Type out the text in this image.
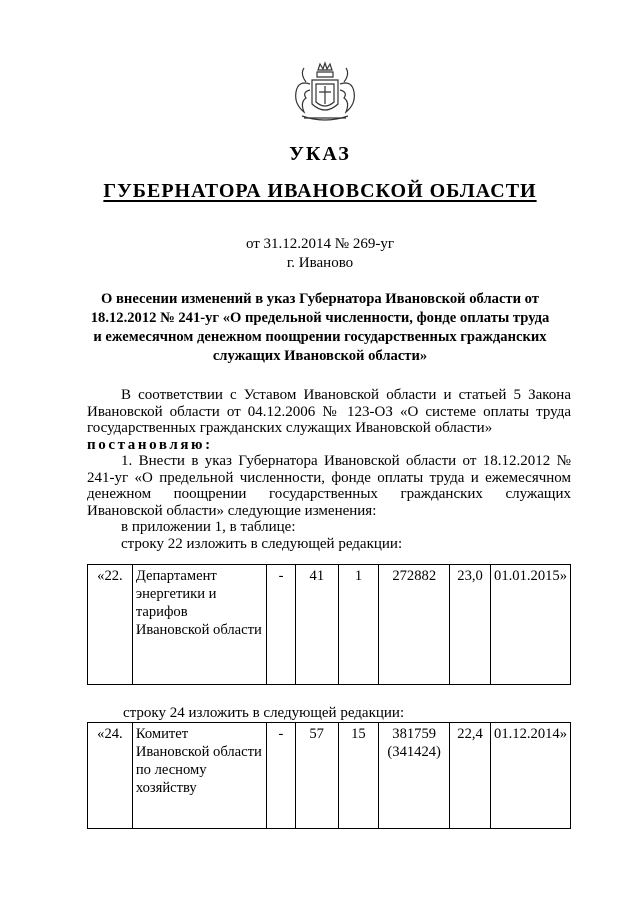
УКАЗ
ГУБЕРНАТОРА ИВАНОВСКОЙ ОБЛАСТИ
от 31.12.2014 № 269-уг
г. Иваново
О внесении изменений в указ Губернатора Ивановской области от 18.12.2012 № 241-уг «О предельной численности, фонде оплаты труда и ежемесячном денежном поощрении государственных гражданских служащих Ивановской области»

В соответствии с Уставом Ивановской области и статьей 5 Закона Ивановской области от 04.12.2006 № 123-ОЗ «О системе оплаты труда государственных гражданских служащих Ивановской области»

постановляю:

1. Внести в указ Губернатора Ивановской области от 18.12.2012 № 241-уг «О предельной численности, фонде оплаты труда и ежемесячном денежном поощрении государственных гражданских служащих Ивановской области» следующие изменения:

в приложении 1, в таблице:

строку 22 изложить в следующей редакции:

«22.	Департамент энергетики и тарифов Ивановской области	-	41	1	272882	23,0	01.01.2015»
строку 24 изложить в следующей редакции:
«24.	Комитет Ивановской области по лесному хозяйству	-	57	15	381759
(341424)
	22,4	01.12.2014»
